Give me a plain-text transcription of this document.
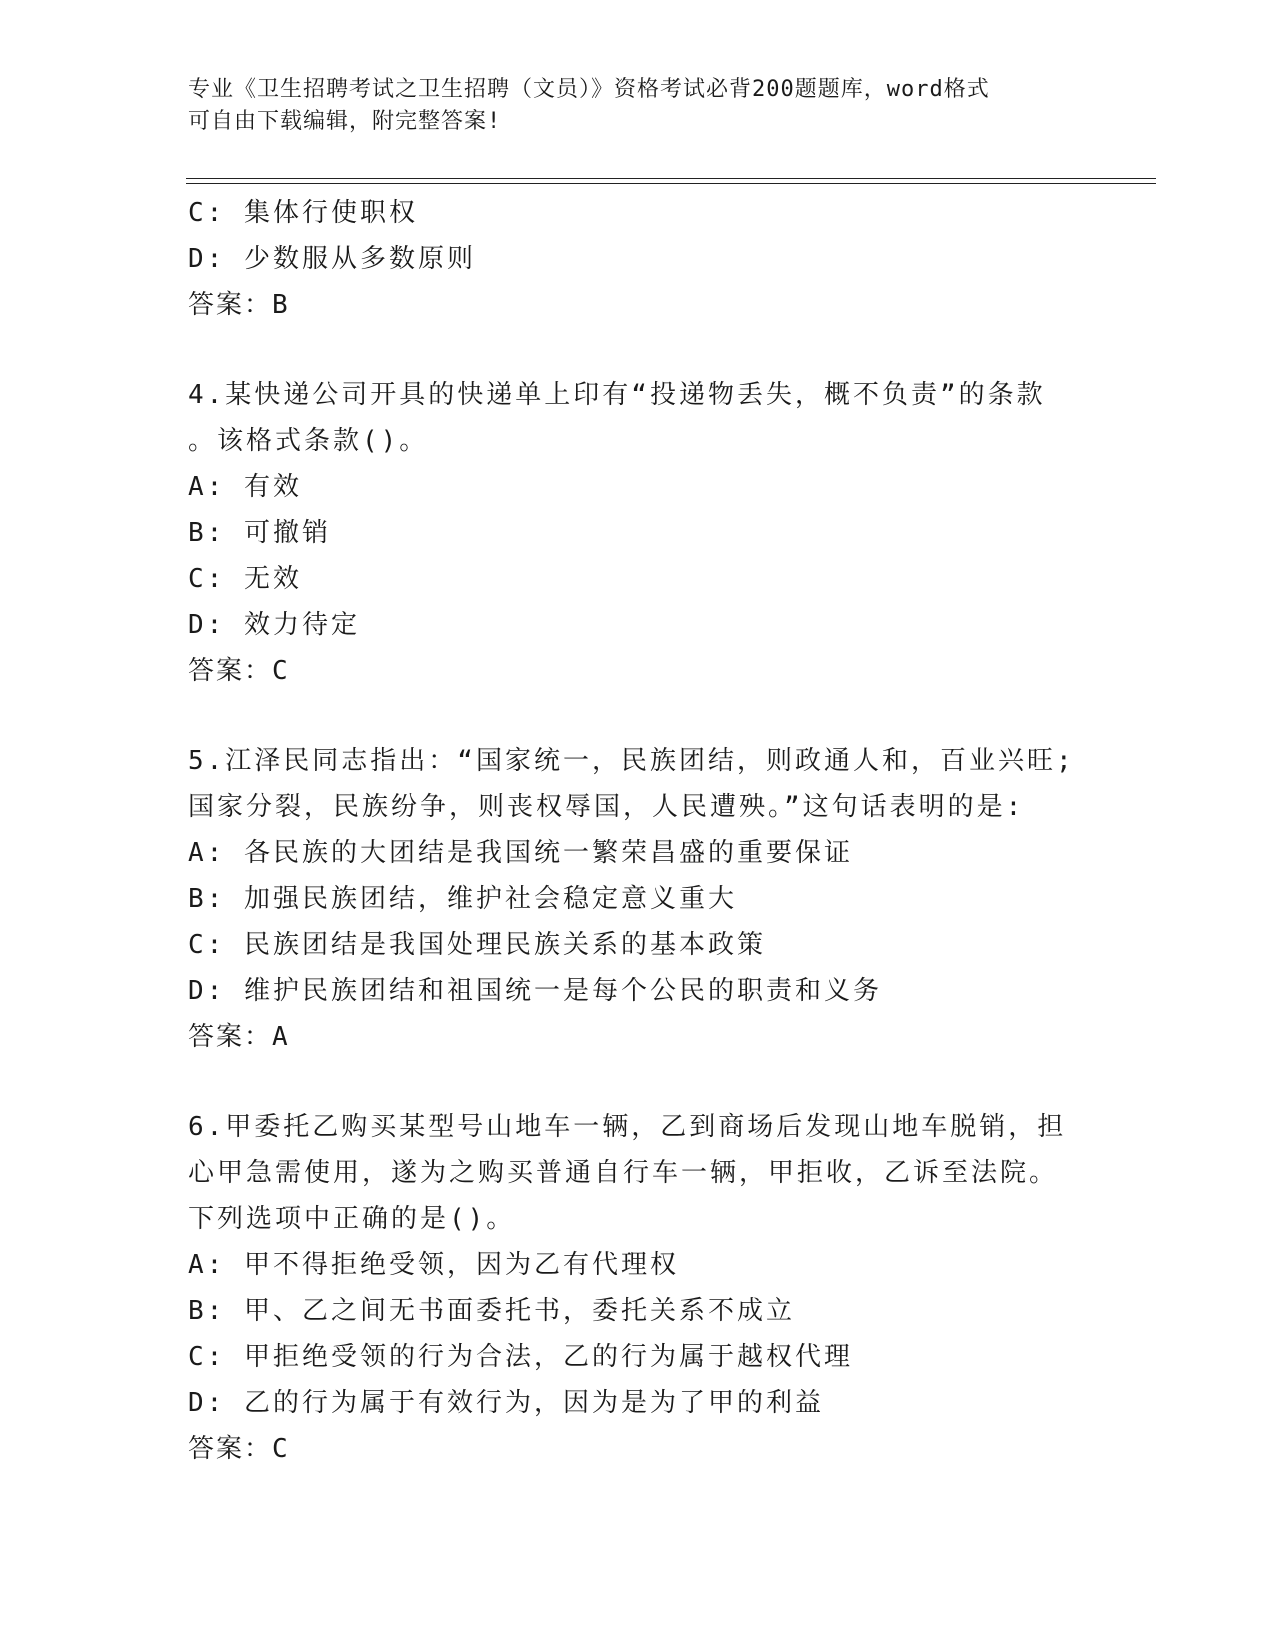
专业《卫生招聘考试之卫生招聘（文员）》资格考试必背200题题库，word格式
可自由下载编辑，附完整答案!
C: 集体行使职权
D: 少数服从多数原则
答案：B
4.某快递公司开具的快递单上印有“投递物丢失，概不负责”的条款
。该格式条款()。
A: 有效
B: 可撤销
C: 无效
D: 效力待定
答案：C
5.江泽民同志指出：“国家统一，民族团结，则政通人和，百业兴旺;
国家分裂，民族纷争，则丧权辱国，人民遭殃。”这句话表明的是:
A: 各民族的大团结是我国统一繁荣昌盛的重要保证
B: 加强民族团结，维护社会稳定意义重大
C: 民族团结是我国处理民族关系的基本政策
D: 维护民族团结和祖国统一是每个公民的职责和义务
答案：A
6.甲委托乙购买某型号山地车一辆，乙到商场后发现山地车脱销，担
心甲急需使用，遂为之购买普通自行车一辆，甲拒收，乙诉至法院。
下列选项中正确的是()。
A: 甲不得拒绝受领，因为乙有代理权
B: 甲、乙之间无书面委托书，委托关系不成立
C: 甲拒绝受领的行为合法，乙的行为属于越权代理
D: 乙的行为属于有效行为，因为是为了甲的利益
答案：C
